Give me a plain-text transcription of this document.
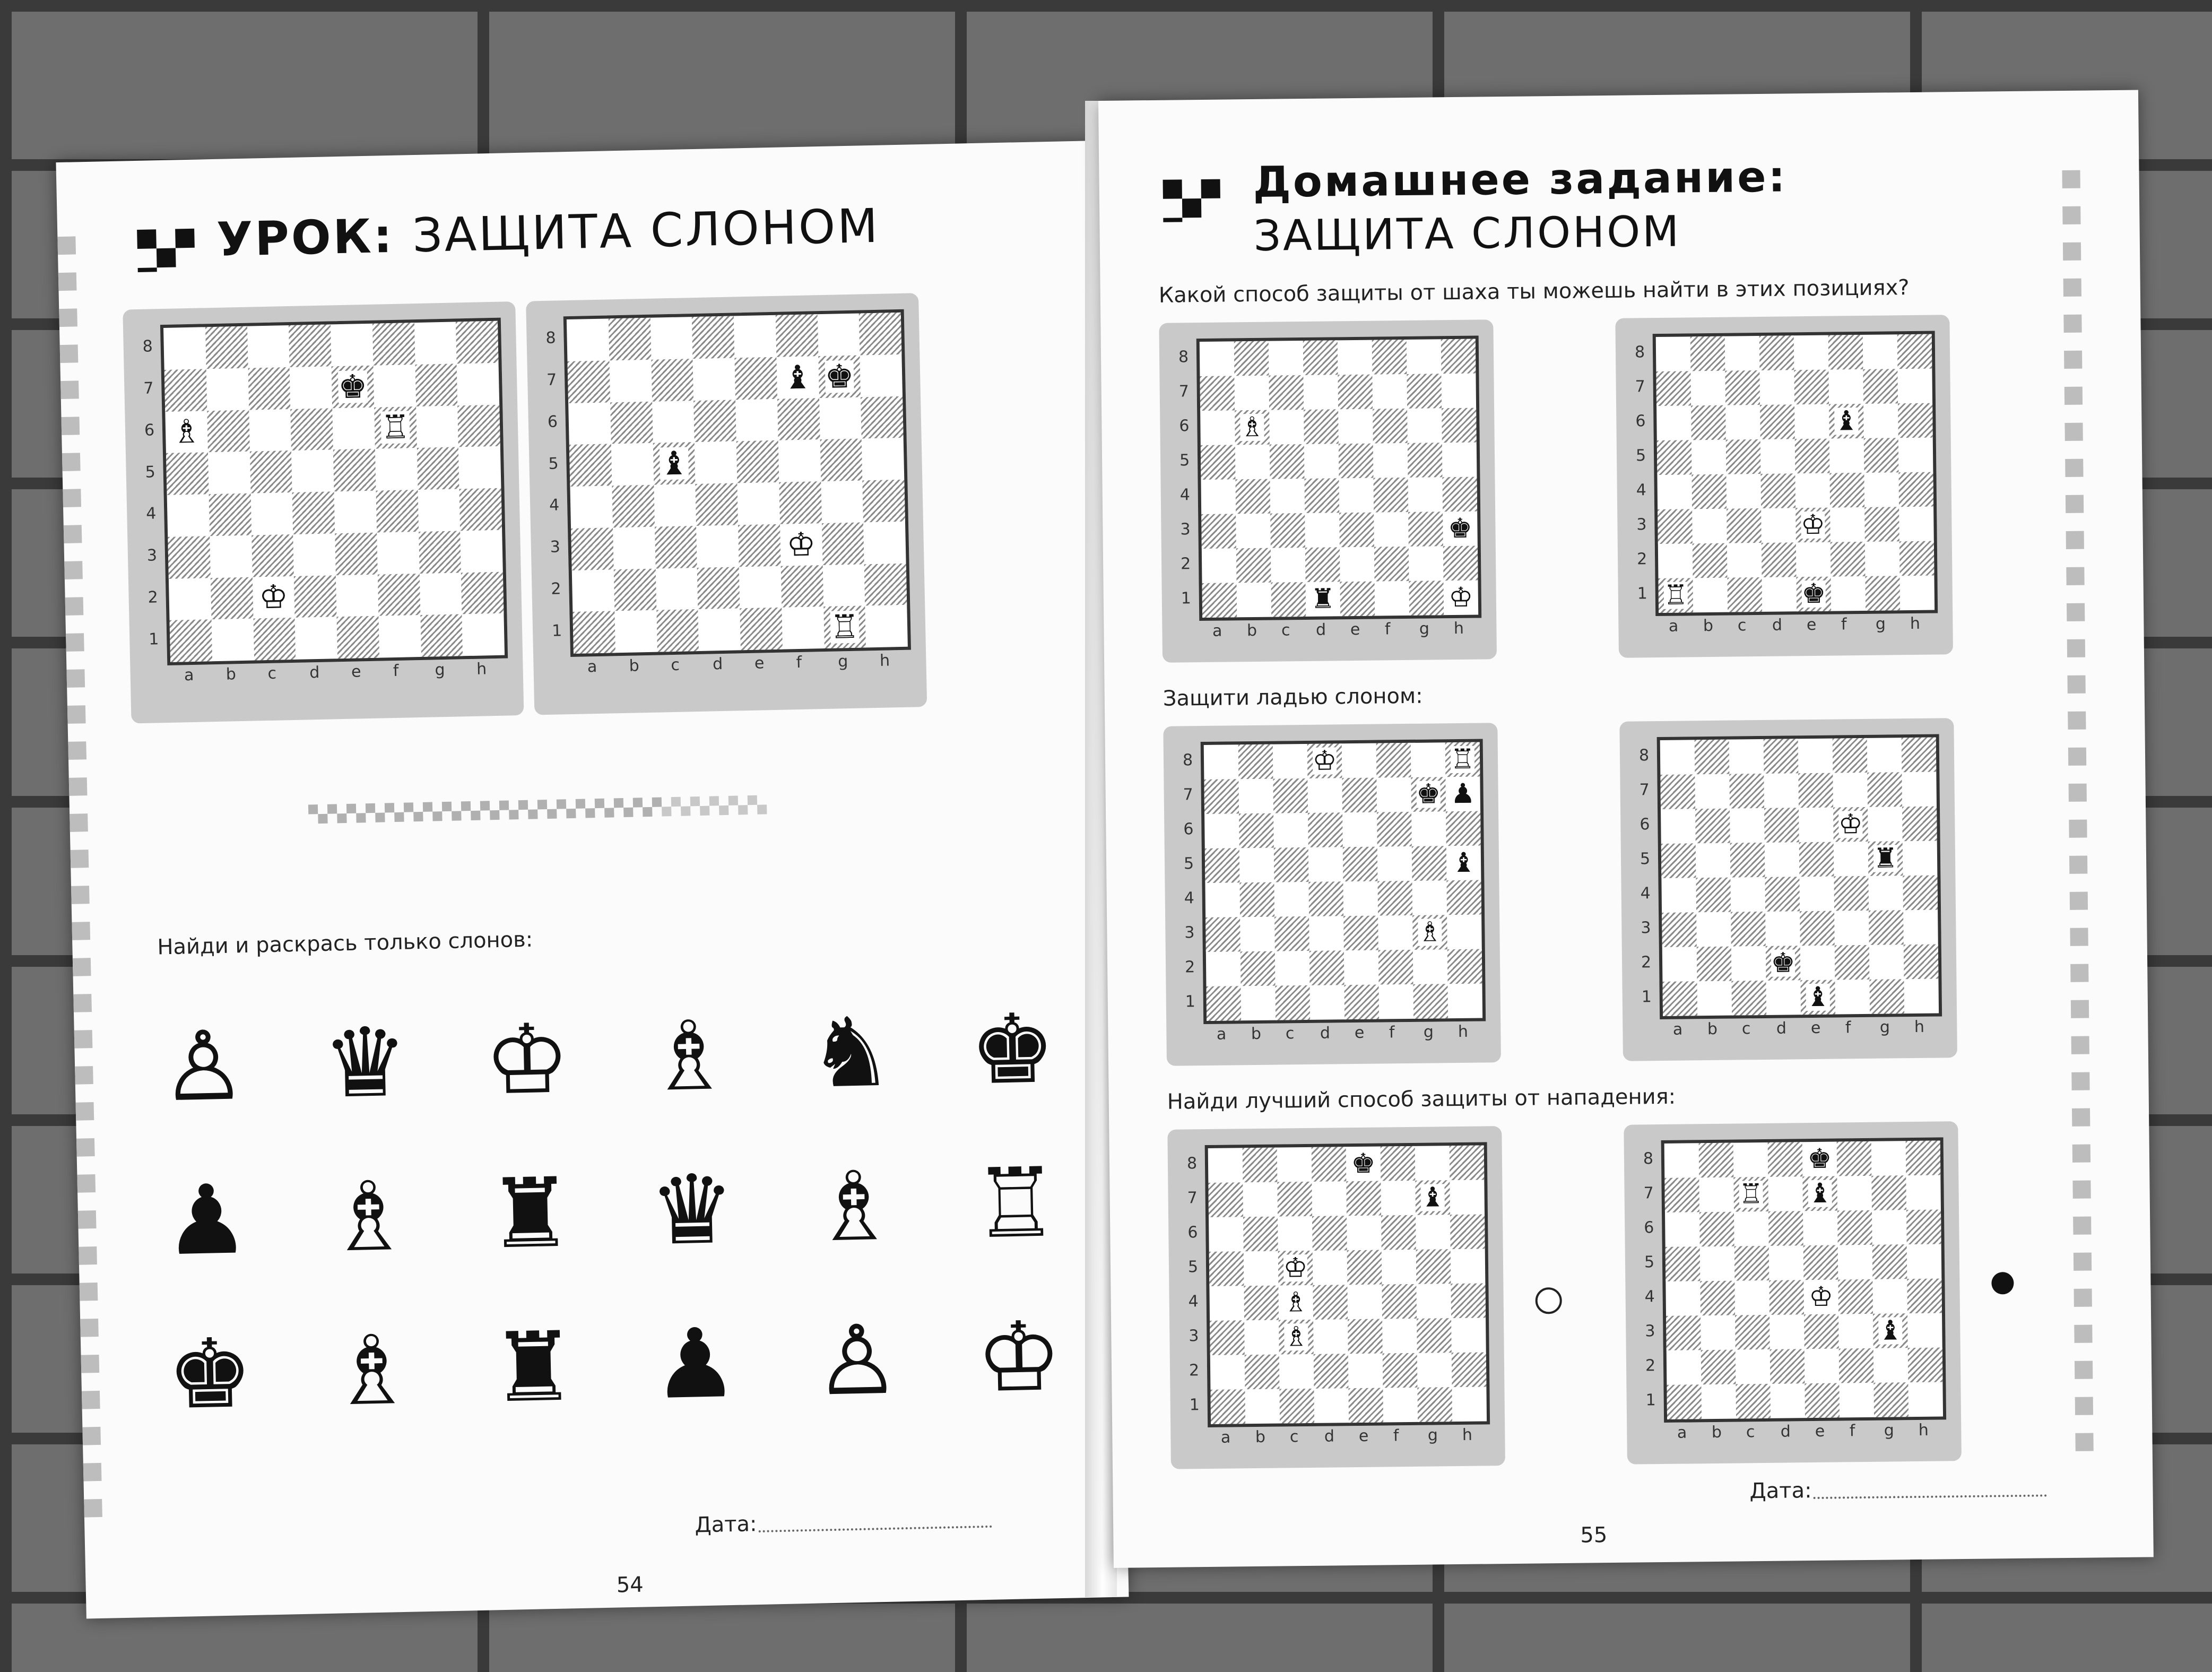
УРОК: ЗАЩИТА СЛОНОМ
♚
♗	♖
♔
8
7
6
5
4
3
2
1
a b c d e f g h
♝ ♚
♝
♔
♖
8
7
6
5
4
3
2
1
a b c d e f g h
Найди и раскрась только слонов:
♙ ♛ ♔ ♗ ♞ ♚
♟ ♗ ♜ ♛ ♗ ♖
♚ ♗ ♜ ♟ ♙ ♔
Дата:
54
Домашнее задание:
ЗАЩИТА СЛОНОМ
Какой способ защиты от шаха ты можешь найти в этих позициях?
♗
♚
♜	♔
8
7
6
5
4
3
2
1
a b c d e f g h
♝
♔
♖	♚
8
7
6
5
4
3
2
1
a b c d e f g h
Защити ладью слоном:
♔	♖
♚ ♟
♝
♗
8
7
6
5
4
3
2
1
a b c d e f g h
♔
♜
♚
♝
8
7
6
5
4
3
2
1
a b c d e f g h
Найди лучший способ защиты от нападения:
♚
♝
♔
♗
♗
8
7
6
5
4
3
2
1
a b c d e f g h
♚
♖ ♝
♔
♝
8
7
6
5
4
3
2
1
a b c d e f g h
Дата:
55
